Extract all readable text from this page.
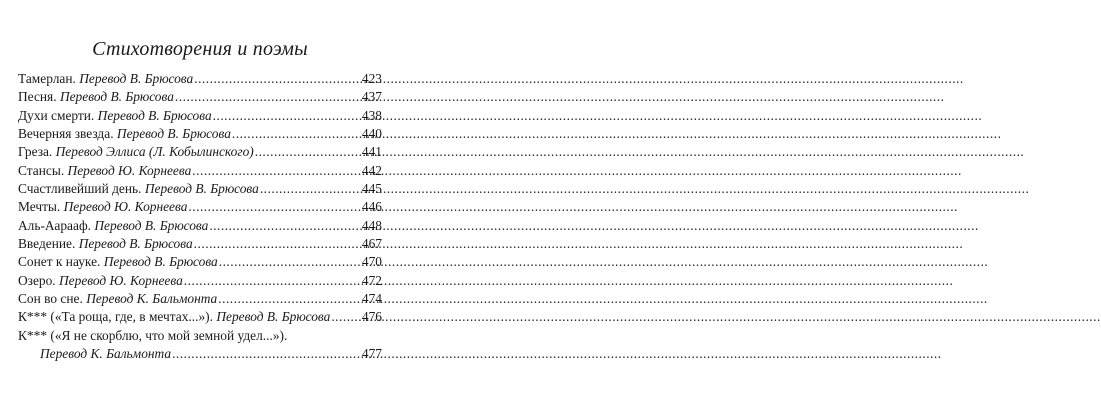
Стихотворения и поэмы
Тамерлан. Перевод В. Брюсова .....	423
Песня. Перевод В. Брюсова .....	437
Духи смерти. Перевод В. Брюсова .....	438
Вечерняя звезда. Перевод В. Брюсова .....	440
Греза. Перевод Эллиса (Л. Кобылинского) .....	441
Стансы. Перевод Ю. Корнеева .....	442
Счастливейший день. Перевод В. Брюсова .....	445
Мечты. Перевод Ю. Корнеева .....	446
Аль-Аарааф. Перевод В. Брюсова .....	448
Введение. Перевод В. Брюсова .....	467
Сонет к науке. Перевод В. Брюсова .....	470
Озеро. Перевод Ю. Корнеева .....	472
Сон во сне. Перевод К. Бальмонта .....	474
К*** («Та роща, где, в мечтах...»). Перевод В. Брюсова ..... 476
К*** («Я не скорблю, что мой земной удел...»).
Перевод К. Бальмонта .....	477
